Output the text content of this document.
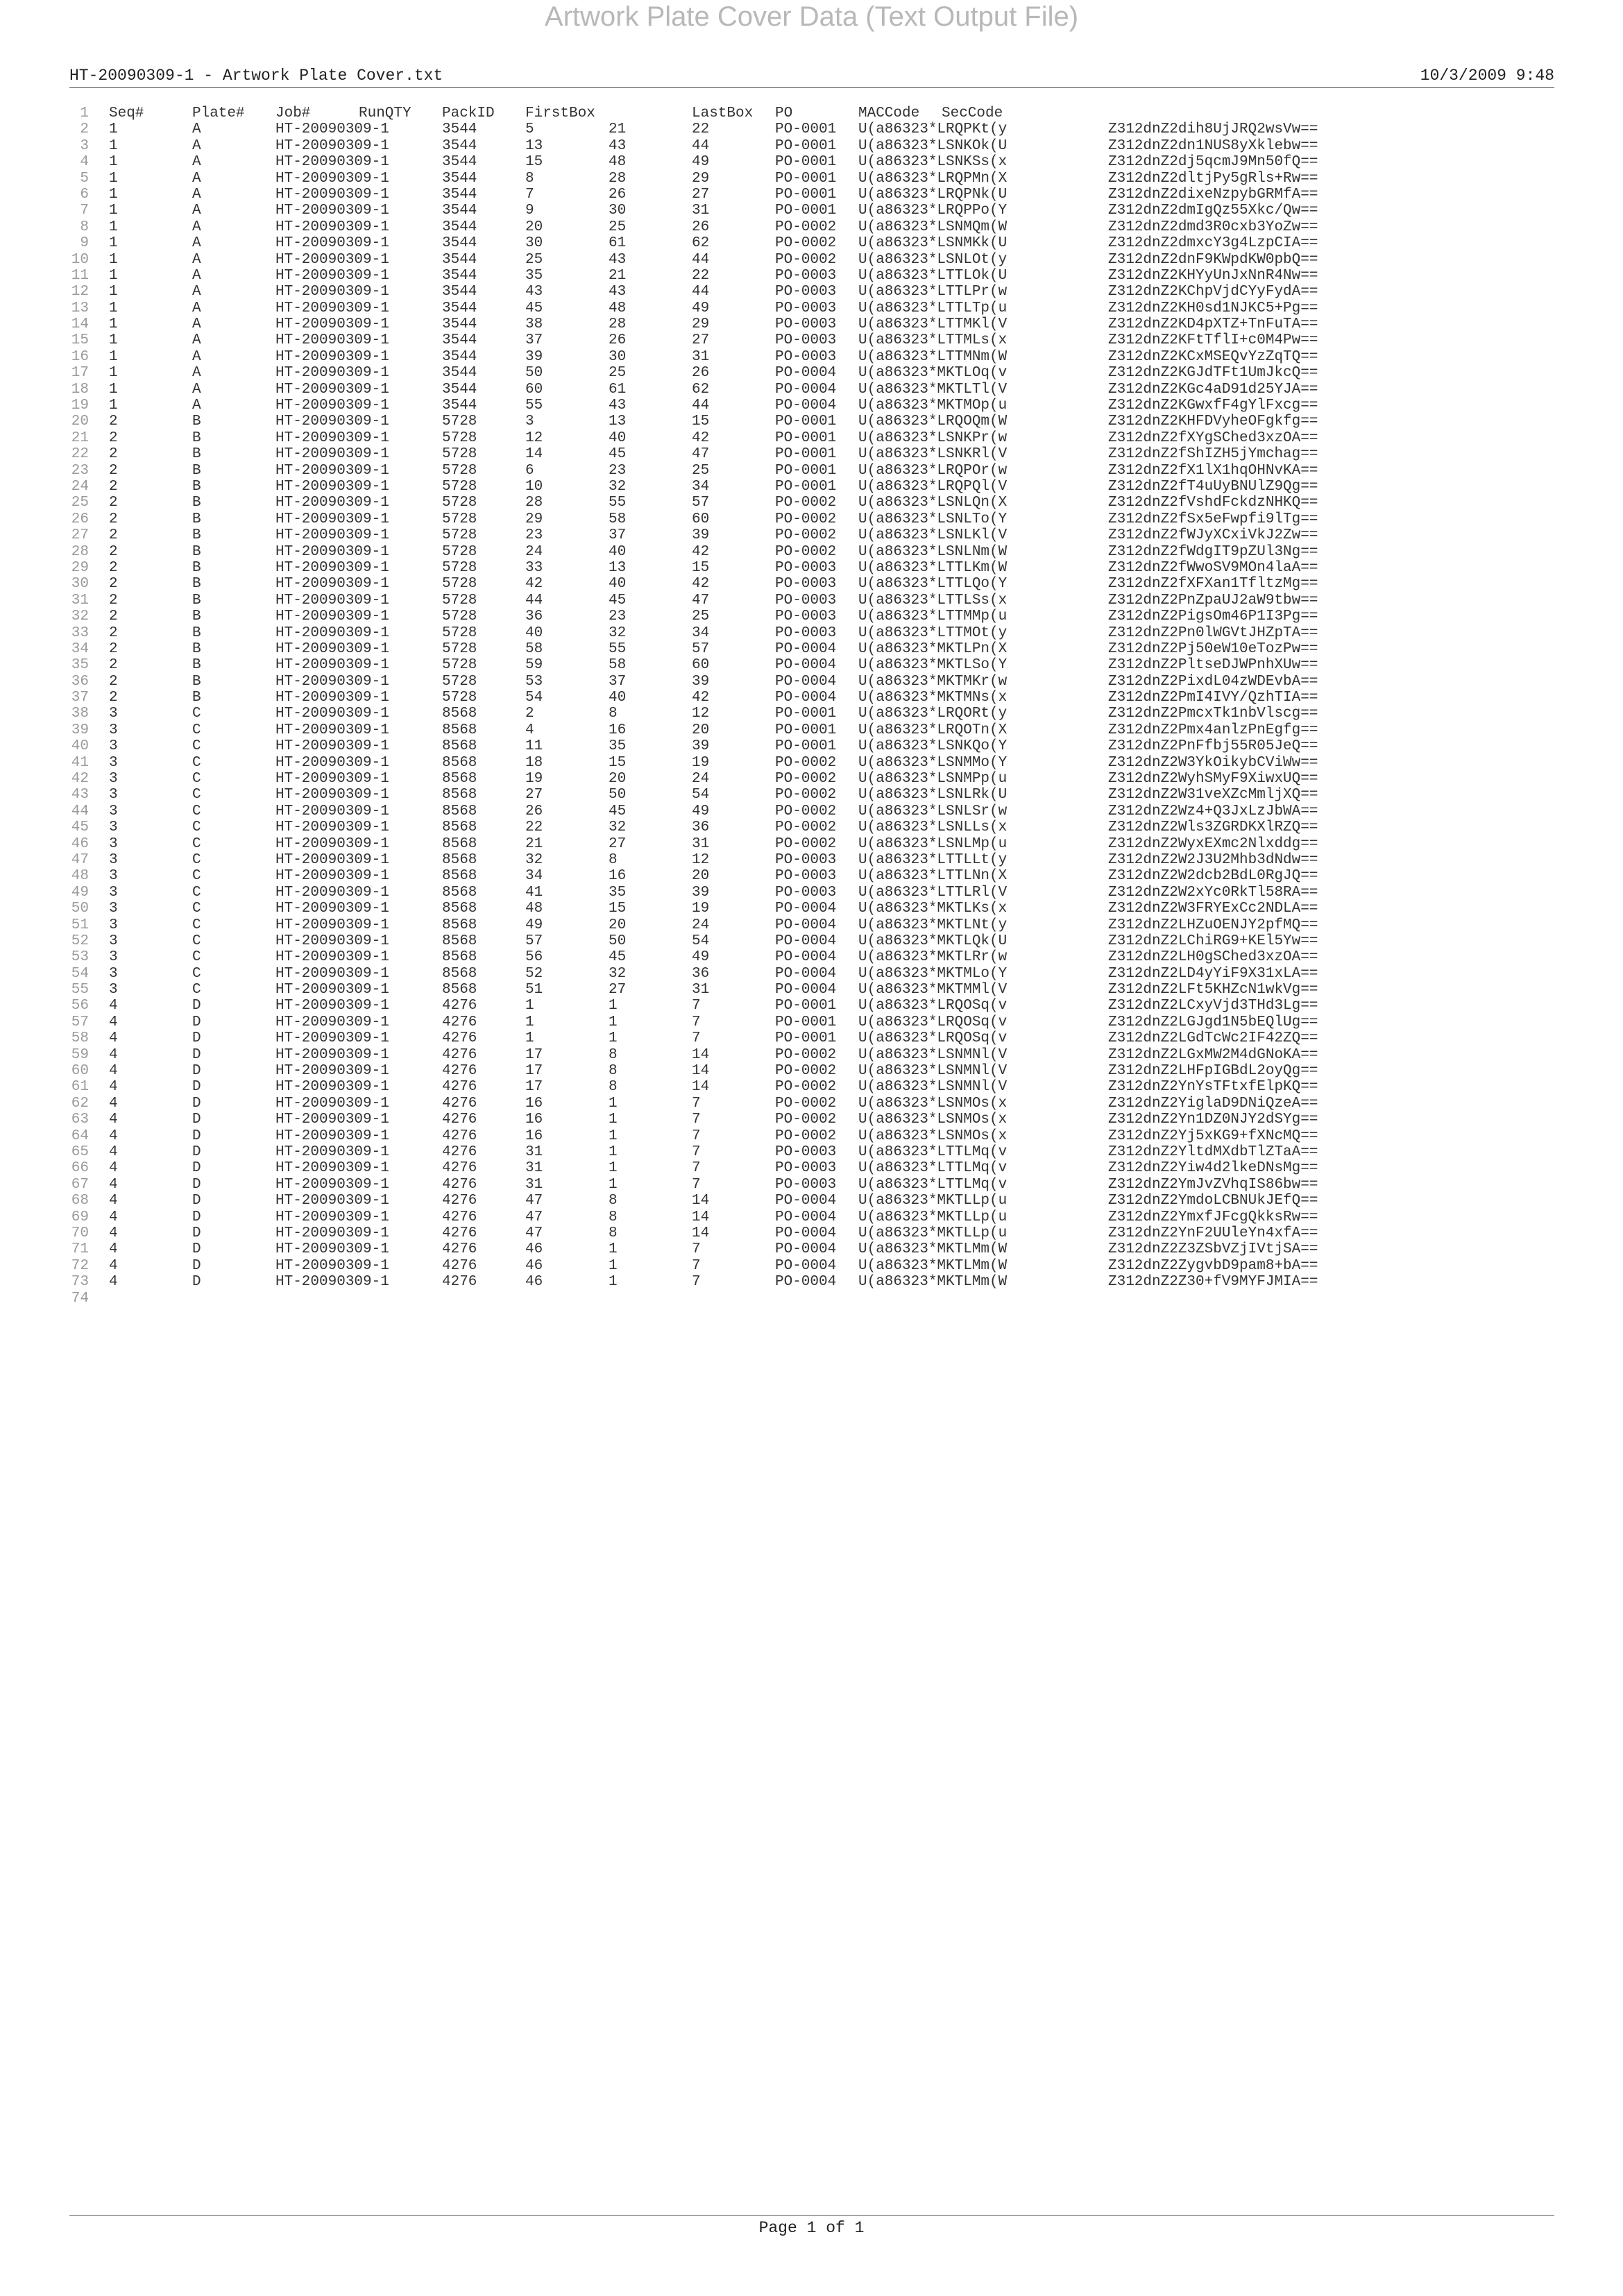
Artwork Plate Cover Data (Text Output File)
HT-20090309-1 - Artwork Plate Cover.txt	10/3/2009 9:48
1 Seq#	Plate# Job#	RunQTY PackID FirstBox	LastBox PO	MACCode SecCode
2 1	A	HT-20090309-1	3544	5	21	22	PO-0001 U(a86323*LRQPKt(y	Z312dnZ2dih8UjJRQ2wsVw==
3 1	A	HT-20090309-1	3544	13	43	44	PO-0001 U(a86323*LSNKOk(U	Z312dnZ2dn1NUS8yXklebw==
4 1	A	HT-20090309-1	3544	15	48	49	PO-0001 U(a86323*LSNKSs(x	Z312dnZ2dj5qcmJ9Mn50fQ==
5 1	A	HT-20090309-1	3544	8	28	29	PO-0001 U(a86323*LRQPMn(X	Z312dnZ2dltjPy5gRls+Rw==
6 1	A	HT-20090309-1	3544	7	26	27	PO-0001 U(a86323*LRQPNk(U	Z312dnZ2dixeNzpybGRMfA==
7 1	A	HT-20090309-1	3544	9	30	31	PO-0001 U(a86323*LRQPPo(Y	Z312dnZ2dmIgQz55Xkc/Qw==
8 1	A	HT-20090309-1	3544	20	25	26	PO-0002 U(a86323*LSNMQm(W	Z312dnZ2dmd3R0cxb3YoZw==
9 1	A	HT-20090309-1	3544	30	61	62	PO-0002 U(a86323*LSNMKk(U	Z312dnZ2dmxcY3g4LzpCIA==
10 1	A	HT-20090309-1	3544	25	43	44	PO-0002 U(a86323*LSNLOt(y	Z312dnZ2dnF9KWpdKW0pbQ==
11 1	A	HT-20090309-1	3544	35	21	22	PO-0003 U(a86323*LTTLOk(U	Z312dnZ2KHYyUnJxNnR4Nw==
12 1	A	HT-20090309-1	3544	43	43	44	PO-0003 U(a86323*LTTLPr(w	Z312dnZ2KChpVjdCYyFydA==
13 1	A	HT-20090309-1	3544	45	48	49	PO-0003 U(a86323*LTTLTp(u	Z312dnZ2KH0sd1NJKC5+Pg==
14 1	A	HT-20090309-1	3544	38	28	29	PO-0003 U(a86323*LTTMKl(V	Z312dnZ2KD4pXTZ+TnFuTA==
15 1	A	HT-20090309-1	3544	37	26	27	PO-0003 U(a86323*LTTMLs(x	Z312dnZ2KFtTflI+c0M4Pw==
16 1	A	HT-20090309-1	3544	39	30	31	PO-0003 U(a86323*LTTMNm(W	Z312dnZ2KCxMSEQvYzZqTQ==
17 1	A	HT-20090309-1	3544	50	25	26	PO-0004 U(a86323*MKTLOq(v	Z312dnZ2KGJdTFt1UmJkcQ==
18 1	A	HT-20090309-1	3544	60	61	62	PO-0004 U(a86323*MKTLTl(V	Z312dnZ2KGc4aD91d25YJA==
19 1	A	HT-20090309-1	3544	55	43	44	PO-0004 U(a86323*MKTMOp(u	Z312dnZ2KGwxfF4gYlFxcg==
20 2	B	HT-20090309-1	5728	3	13	15	PO-0001 U(a86323*LRQOQm(W	Z312dnZ2KHFDVyheOFgkfg==
21 2	B	HT-20090309-1	5728	12	40	42	PO-0001 U(a86323*LSNKPr(w	Z312dnZ2fXYgSChed3xzOA==
22 2	B	HT-20090309-1	5728	14	45	47	PO-0001 U(a86323*LSNKRl(V	Z312dnZ2fShIZH5jYmchag==
23 2	B	HT-20090309-1	5728	6	23	25	PO-0001 U(a86323*LRQPOr(w	Z312dnZ2fX1lX1hqOHNvKA==
24 2	B	HT-20090309-1	5728	10	32	34	PO-0001 U(a86323*LRQPQl(V	Z312dnZ2fT4uUyBNUlZ9Qg==
25 2	B	HT-20090309-1	5728	28	55	57	PO-0002 U(a86323*LSNLQn(X	Z312dnZ2fVshdFckdzNHKQ==
26 2	B	HT-20090309-1	5728	29	58	60	PO-0002 U(a86323*LSNLTo(Y	Z312dnZ2fSx5eFwpfi9lTg==
27 2	B	HT-20090309-1	5728	23	37	39	PO-0002 U(a86323*LSNLKl(V	Z312dnZ2fWJyXCxiVkJ2Zw==
28 2	B	HT-20090309-1	5728	24	40	42	PO-0002 U(a86323*LSNLNm(W	Z312dnZ2fWdgIT9pZUl3Ng==
29 2	B	HT-20090309-1	5728	33	13	15	PO-0003 U(a86323*LTTLKm(W	Z312dnZ2fWwoSV9MOn4laA==
30 2	B	HT-20090309-1	5728	42	40	42	PO-0003 U(a86323*LTTLQo(Y	Z312dnZ2fXFXan1TfltzMg==
31 2	B	HT-20090309-1	5728	44	45	47	PO-0003 U(a86323*LTTLSs(x	Z312dnZ2PnZpaUJ2aW9tbw==
32 2	B	HT-20090309-1	5728	36	23	25	PO-0003 U(a86323*LTTMMp(u	Z312dnZ2PigsOm46P1I3Pg==
33 2	B	HT-20090309-1	5728	40	32	34	PO-0003 U(a86323*LTTMOt(y	Z312dnZ2Pn0lWGVtJHZpTA==
34 2	B	HT-20090309-1	5728	58	55	57	PO-0004 U(a86323*MKTLPn(X	Z312dnZ2Pj50eW10eTozPw==
35 2	B	HT-20090309-1	5728	59	58	60	PO-0004 U(a86323*MKTLSo(Y	Z312dnZ2PltseDJWPnhXUw==
36 2	B	HT-20090309-1	5728	53	37	39	PO-0004 U(a86323*MKTMKr(w	Z312dnZ2PixdL04zWDEvbA==
37 2	B	HT-20090309-1	5728	54	40	42	PO-0004 U(a86323*MKTMNs(x	Z312dnZ2PmI4IVY/QzhTIA==
38 3	C	HT-20090309-1	8568	2	8	12	PO-0001 U(a86323*LRQORt(y	Z312dnZ2PmcxTk1nbVlscg==
39 3	C	HT-20090309-1	8568	4	16	20	PO-0001 U(a86323*LRQOTn(X	Z312dnZ2Pmx4anlzPnEgfg==
40 3	C	HT-20090309-1	8568	11	35	39	PO-0001 U(a86323*LSNKQo(Y	Z312dnZ2PnFfbj55R05JeQ==
41 3	C	HT-20090309-1	8568	18	15	19	PO-0002 U(a86323*LSNMMo(Y	Z312dnZ2W3YkOikybCViWw==
42 3	C	HT-20090309-1	8568	19	20	24	PO-0002 U(a86323*LSNMPp(u	Z312dnZ2WyhSMyF9XiwxUQ==
43 3	C	HT-20090309-1	8568	27	50	54	PO-0002 U(a86323*LSNLRk(U	Z312dnZ2W31veXZcMmljXQ==
44 3	C	HT-20090309-1	8568	26	45	49	PO-0002 U(a86323*LSNLSr(w	Z312dnZ2Wz4+Q3JxLzJbWA==
45 3	C	HT-20090309-1	8568	22	32	36	PO-0002 U(a86323*LSNLLs(x	Z312dnZ2Wls3ZGRDKXlRZQ==
46 3	C	HT-20090309-1	8568	21	27	31	PO-0002 U(a86323*LSNLMp(u	Z312dnZ2WyxEXmc2Nlxddg==
47 3	C	HT-20090309-1	8568	32	8	12	PO-0003 U(a86323*LTTLLt(y	Z312dnZ2W2J3U2Mhb3dNdw==
48 3	C	HT-20090309-1	8568	34	16	20	PO-0003 U(a86323*LTTLNn(X	Z312dnZ2W2dcb2BdL0RgJQ==
49 3	C	HT-20090309-1	8568	41	35	39	PO-0003 U(a86323*LTTLRl(V	Z312dnZ2W2xYc0RkTl58RA==
50 3	C	HT-20090309-1	8568	48	15	19	PO-0004 U(a86323*MKTLKs(x	Z312dnZ2W3FRYExCc2NDLA==
51 3	C	HT-20090309-1	8568	49	20	24	PO-0004 U(a86323*MKTLNt(y	Z312dnZ2LHZuOENJY2pfMQ==
52 3	C	HT-20090309-1	8568	57	50	54	PO-0004 U(a86323*MKTLQk(U	Z312dnZ2LChiRG9+KEl5Yw==
53 3	C	HT-20090309-1	8568	56	45	49	PO-0004 U(a86323*MKTLRr(w	Z312dnZ2LH0gSChed3xzOA==
54 3	C	HT-20090309-1	8568	52	32	36	PO-0004 U(a86323*MKTMLo(Y	Z312dnZ2LD4yYiF9X31xLA==
55 3	C	HT-20090309-1	8568	51	27	31	PO-0004 U(a86323*MKTMMl(V	Z312dnZ2LFt5KHZcN1wkVg==
56 4	D	HT-20090309-1	4276	1	1	7	PO-0001 U(a86323*LRQOSq(v	Z312dnZ2LCxyVjd3THd3Lg==
57 4	D	HT-20090309-1	4276	1	1	7	PO-0001 U(a86323*LRQOSq(v	Z312dnZ2LGJgd1N5bEQlUg==
58 4	D	HT-20090309-1	4276	1	1	7	PO-0001 U(a86323*LRQOSq(v	Z312dnZ2LGdTcWc2IF42ZQ==
59 4	D	HT-20090309-1	4276	17	8	14	PO-0002 U(a86323*LSNMNl(V	Z312dnZ2LGxMW2M4dGNoKA==
60 4	D	HT-20090309-1	4276	17	8	14	PO-0002 U(a86323*LSNMNl(V	Z312dnZ2LHFpIGBdL2oyQg==
61 4	D	HT-20090309-1	4276	17	8	14	PO-0002 U(a86323*LSNMNl(V	Z312dnZ2YnYsTFtxfElpKQ==
62 4	D	HT-20090309-1	4276	16	1	7	PO-0002 U(a86323*LSNMOs(x	Z312dnZ2YiglaD9DNiQzeA==
63 4	D	HT-20090309-1	4276	16	1	7	PO-0002 U(a86323*LSNMOs(x	Z312dnZ2Yn1DZ0NJY2dSYg==
64 4	D	HT-20090309-1	4276	16	1	7	PO-0002 U(a86323*LSNMOs(x	Z312dnZ2Yj5xKG9+fXNcMQ==
65 4	D	HT-20090309-1	4276	31	1	7	PO-0003 U(a86323*LTTLMq(v	Z312dnZ2YltdMXdbTlZTaA==
66 4	D	HT-20090309-1	4276	31	1	7	PO-0003 U(a86323*LTTLMq(v	Z312dnZ2Yiw4d2lkeDNsMg==
67 4	D	HT-20090309-1	4276	31	1	7	PO-0003 U(a86323*LTTLMq(v	Z312dnZ2YmJvZVhqIS86bw==
68 4	D	HT-20090309-1	4276	47	8	14	PO-0004 U(a86323*MKTLLp(u	Z312dnZ2YmdoLCBNUkJEfQ==
69 4	D	HT-20090309-1	4276	47	8	14	PO-0004 U(a86323*MKTLLp(u	Z312dnZ2YmxfJFcgQkksRw==
70 4	D	HT-20090309-1	4276	47	8	14	PO-0004 U(a86323*MKTLLp(u	Z312dnZ2YnF2UUleYn4xfA==
71 4	D	HT-20090309-1	4276	46	1	7	PO-0004 U(a86323*MKTLMm(W	Z312dnZ2Z3ZSbVZjIVtjSA==
72 4	D	HT-20090309-1	4276	46	1	7	PO-0004 U(a86323*MKTLMm(W	Z312dnZ2ZygvbD9pam8+bA==
73 4	D	HT-20090309-1	4276	46	1	7	PO-0004 U(a86323*MKTLMm(W	Z312dnZ2Z30+fV9MYFJMIA==
74
Page 1 of 1
